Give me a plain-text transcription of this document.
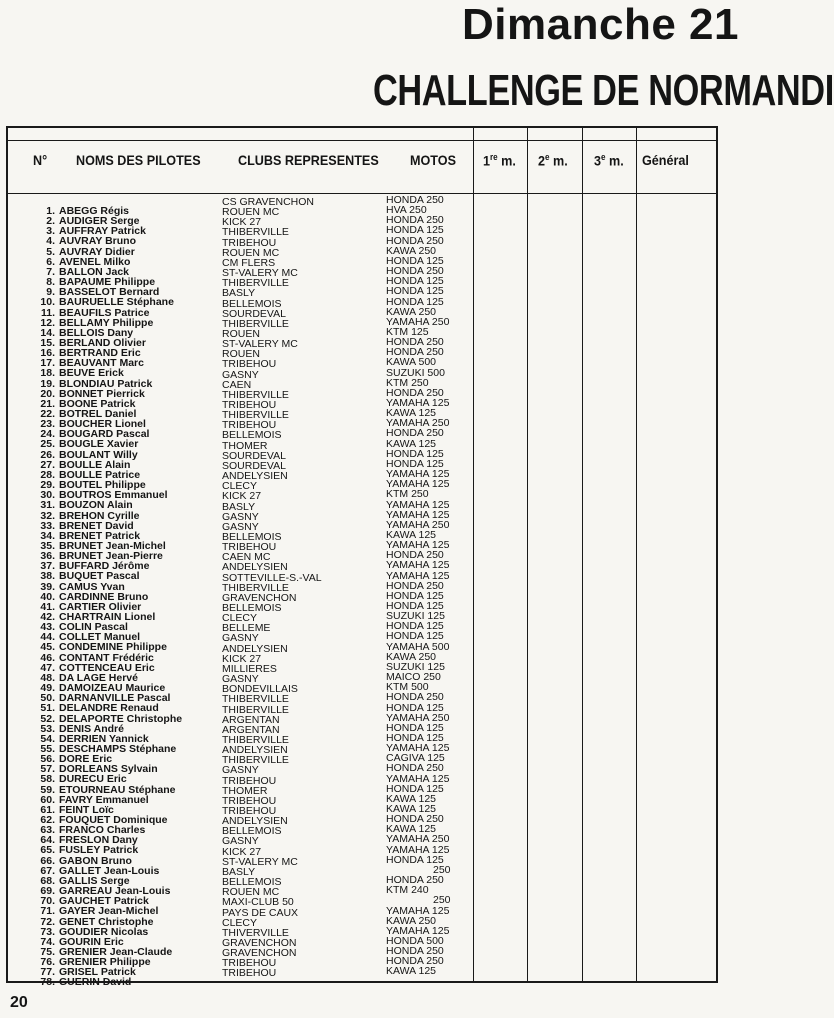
Dimanche 21
CHALLENGE DE NORMANDI
N° NOMS DES PILOTES	CLUBS REPRESENTES MOTOS 1re m. 2e m. 3e m. Général
1. ABEGG Régis
2. AUDIGER Serge
3. AUFFRAY Patrick
4. AUVRAY Bruno
5. AUVRAY Didier
6. AVENEL Milko
7. BALLON Jack
8. BAPAUME Philippe
9. BASSELOT Bernard
10. BAURUELLE Stéphane
11. BEAUFILS Patrice
12. BELLAMY Philippe
14. BELLOIS Dany
15. BERLAND Olivier
16. BERTRAND Eric
17. BEAUVANT Marc
18. BEUVE Erick
19. BLONDIAU Patrick
20. BONNET Pierrick
21. BOONE Patrick
22. BOTREL Daniel
23. BOUCHER Lionel
24. BOUGARD Pascal
25. BOUGLE Xavier
26. BOULANT Willy
27. BOULLE Alain
28. BOULLE Patrice
29. BOUTEL Philippe
30. BOUTROS Emmanuel
31. BOUZON Alain
32. BREHON Cyrille
33. BRENET David
34. BRENET Patrick
35. BRUNET Jean-Michel
36. BRUNET Jean-Pierre
37. BUFFARD Jérôme
38. BUQUET Pascal
39. CAMUS Yvan
40. CARDINNE Bruno
41. CARTIER Olivier
42. CHARTRAIN Lionel
43. COLIN Pascal
44. COLLET Manuel
45. CONDEMINE Philippe
46. CONTANT Frédéric
47. COTTENCEAU Eric
48. DA LAGE Hervé
49. DAMOIZEAU Maurice
50. DARNANVILLE Pascal
51. DELANDRE Renaud
52. DELAPORTE Christophe
53. DENIS André
54. DERRIEN Yannick
55. DESCHAMPS Stéphane
56. DORE Eric
57. DORLEANS Sylvain
58. DURECU Eric
59. ETOURNEAU Stéphane
60. FAVRY Emmanuel
61. FEINT Loïc
62. FOUQUET Dominique
63. FRANCO Charles
64. FRESLON Dany
65. FUSLEY Patrick
66. GABON Bruno
67. GALLET Jean-Louis
68. GALLIS Serge
69. GARREAU Jean-Louis
70. GAUCHET Patrick
71. GAYER Jean-Michel
72. GENET Christophe
73. GOUDIER Nicolas
74. GOURIN Eric
75. GRENIER Jean-Claude
76. GRENIER Philippe
77. GRISEL Patrick
78. GUERIN David
CS GRAVENCHON
ROUEN MC
KICK 27
THIBERVILLE
TRIBEHOU
ROUEN MC
CM FLERS
ST-VALERY MC
THIBERVILLE
BASLY
BELLEMOIS
SOURDEVAL
THIBERVILLE
ROUEN
ST-VALERY MC
ROUEN
TRIBEHOU
GASNY
CAEN
THIBERVILLE
TRIBEHOU
THIBERVILLE
TRIBEHOU
BELLEMOIS
THOMER
SOURDEVAL
SOURDEVAL
ANDELYSIEN
CLECY
KICK 27
BASLY
GASNY
GASNY
BELLEMOIS
TRIBEHOU
CAEN MC
ANDELYSIEN
SOTTEVILLE-S.-VAL
THIBERVILLE
GRAVENCHON
BELLEMOIS
CLECY
BELLEME
GASNY
ANDELYSIEN
KICK 27
MILLIERES
GASNY
BONDEVILLAIS
THIBERVILLE
THIBERVILLE
ARGENTAN
ARGENTAN
THIBERVILLE
ANDELYSIEN
THIBERVILLE
GASNY
TRIBEHOU
THOMER
TRIBEHOU
TRIBEHOU
ANDELYSIEN
BELLEMOIS
GASNY
KICK 27
ST-VALERY MC
BASLY
BELLEMOIS
ROUEN MC
MAXI-CLUB 50
PAYS DE CAUX
CLECY
THIVERVILLE
GRAVENCHON
GRAVENCHON
TRIBEHOU
TRIBEHOU
HONDA 250
HVA 250
HONDA 250
HONDA 125
HONDA 250
KAWA 250
HONDA 125
HONDA 250
HONDA 125
HONDA 125
HONDA 125
KAWA 250
YAMAHA 250
KTM 125
HONDA 250
HONDA 250
KAWA 500
SUZUKI 500
KTM 250
HONDA 250
YAMAHA 125
KAWA 125
YAMAHA 250
HONDA 250
KAWA 125
HONDA 125
HONDA 125
YAMAHA 125
YAMAHA 125
KTM 250
YAMAHA 125
YAMAHA 125
YAMAHA 250
KAWA 125
YAMAHA 125
HONDA 250
YAMAHA 125
YAMAHA 125
HONDA 250
HONDA 125
HONDA 125
SUZUKI 125
HONDA 125
HONDA 125
YAMAHA 500
KAWA 250
SUZUKI 125
MAICO 250
KTM 500
HONDA 250
HONDA 125
YAMAHA 250
HONDA 125
HONDA 125
YAMAHA 125
CAGIVA 125
HONDA 250
YAMAHA 125
HONDA 125
KAWA 125
KAWA 125
HONDA 250
KAWA 125
YAMAHA 250
YAMAHA 125
HONDA 125
250
HONDA 250
KTM 240
250
YAMAHA 125
KAWA 250
YAMAHA 125
HONDA 500
HONDA 250
HONDA 250
KAWA 125
20
